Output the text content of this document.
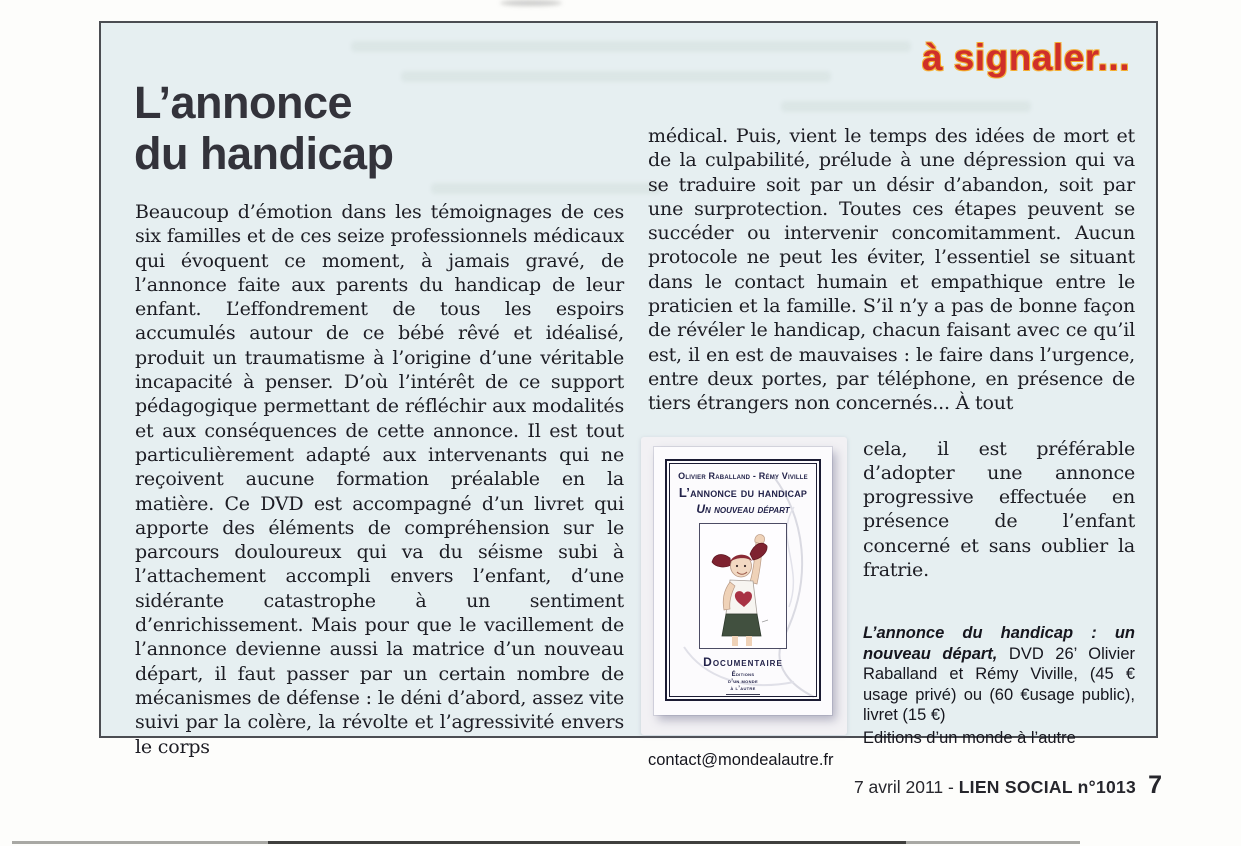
à signaler...
L’annonce
du handicap

Beaucoup d’émotion dans les témoignages de ces six familles et de ces seize professionnels médicaux qui évoquent ce moment, à jamais gravé, de l’annonce faite aux parents du handicap de leur enfant. L’effondrement de tous les espoirs accumulés autour de ce bébé rêvé et idéalisé, produit un traumatisme à l’origine d’une véritable incapacité à penser. D’où l’intérêt de ce support pédagogique permettant de réfléchir aux modalités et aux conséquences de cette annonce. Il est tout particulièrement adapté aux intervenants qui ne reçoivent aucune formation préalable en la matière. Ce DVD est accompagné d’un livret qui apporte des éléments de compréhension sur le parcours douloureux qui va du séisme subi à l’attachement accompli envers l’enfant, d’une sidérante catastrophe à un sentiment d’enrichissement. Mais pour que le vacillement de l’annonce devienne aussi la matrice d’un nouveau départ, il faut passer par un certain nombre de mécanismes de défense : le déni d’abord, assez vite suivi par la colère, la révolte et l’agressivité envers le corps

médical. Puis, vient le temps des idées de mort et de la culpabilité, prélude à une dépression qui va se traduire soit par un désir d’abandon, soit par une surprotection. Toutes ces étapes peuvent se succéder ou intervenir concomitamment. Aucun protocole ne peut les éviter, l’essentiel se situant dans le contact humain et empathique entre le praticien et la famille. S’il n’y a pas de bonne façon de révéler le handicap, chacun faisant avec ce qu’il est, il en est de mauvaises : le faire dans l’urgence, entre deux portes, par téléphone, en présence de tiers étrangers non concernés... À tout

Olivier Raballand - Rémy Viville
L’annonce du handicap
Un nouveau départ
Documentaire
Éditions
d’un monde
à l’autre

cela, il est préférable d’adopter une annonce progressive effectuée en présence de l’enfant concerné et sans oublier la fratrie.

L’annonce du handicap : un nouveau départ, DVD 26’ Olivier Raballand et Rémy Viville, (45 € usage privé) ou (60 €usage public), livret (15 €)

Editions d’un monde à l’autre
contact@mondealautre.fr
7 avril 2011 - LIEN SOCIAL n°1013 7
